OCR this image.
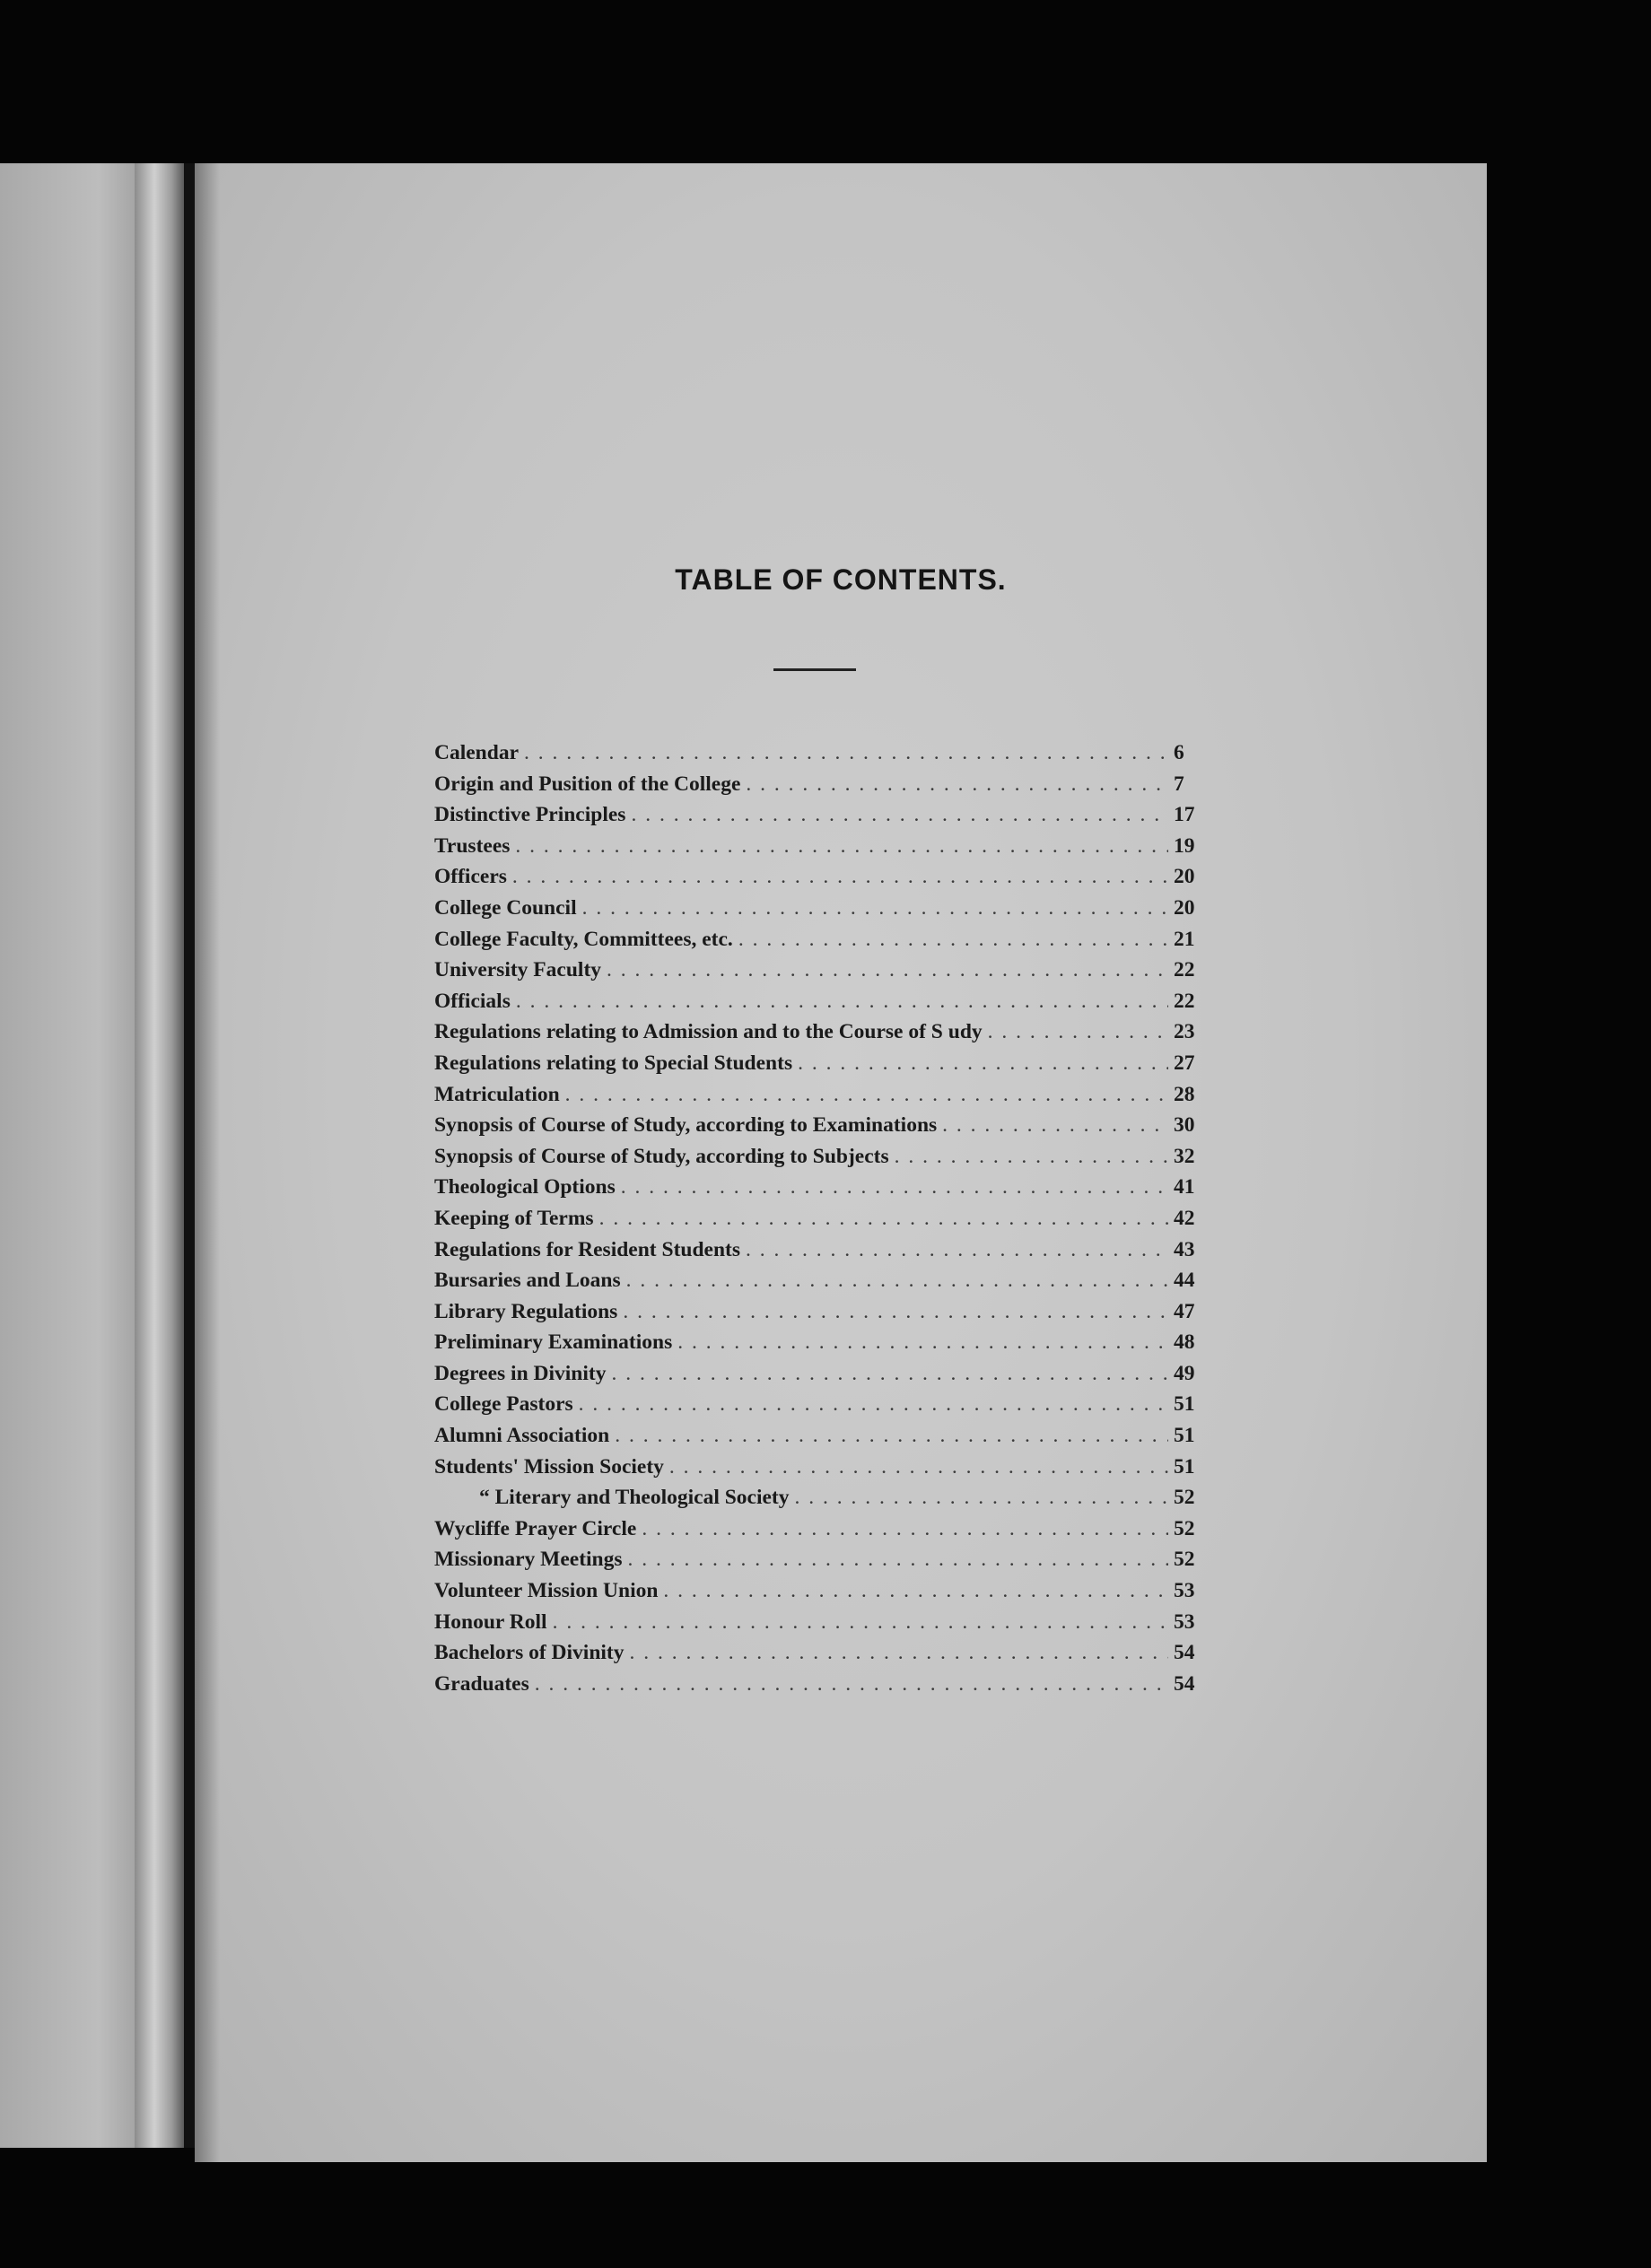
TABLE OF CONTENTS.
Calendar . . .	6
Origin and Pusition of the College . . .	7
Distinctive Principles . . .	17
Trustees . . .	19
Officers . . .	20
College Council . . .	20
College Faculty, Committees, etc. . . .	21
University Faculty . . .	22
Officials . . .	22
Regulations relating to Admission and to the Course of S udy . . .	23
Regulations relating to Special Students . . .	27
Matriculation . . .	28
Synopsis of Course of Study, according to Examinations . . .	30
Synopsis of Course of Study, according to Subjects . . .	32
Theological Options . . .	41
Keeping of Terms . . .	42
Regulations for Resident Students . . .	43
Bursaries and Loans . . .	44
Library Regulations . . .	47
Preliminary Examinations . . .	48
Degrees in Divinity . . .	49
College Pastors . . .	51
Alumni Association . . .	51
Students' Mission Society . . .	51
“ Literary and Theological Society . . .	52
Wycliffe Prayer Circle . . .	52
Missionary Meetings . . .	52
Volunteer Mission Union . . .	53
Honour Roll . . .	53
Bachelors of Divinity . . .	54
Graduates . . .	54
